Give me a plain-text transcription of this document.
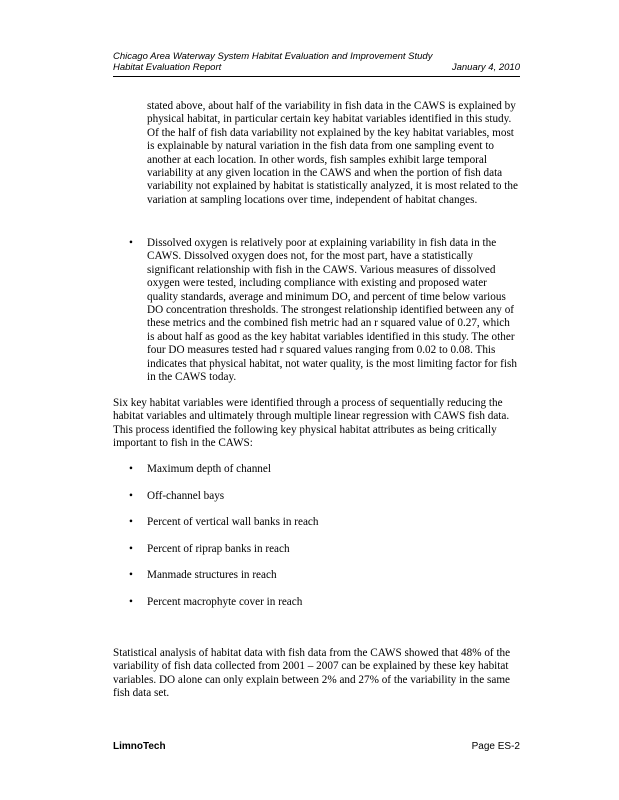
Chicago Area Waterway System Habitat Evaluation and Improvement Study
Habitat Evaluation Report	January 4, 2010
stated above, about half of the variability in fish data in the CAWS is explained by physical habitat, in particular certain key habitat variables identified in this study. Of the half of fish data variability not explained by the key habitat variables, most is explainable by natural variation in the fish data from one sampling event to another at each location. In other words, fish samples exhibit large temporal variability at any given location in the CAWS and when the portion of fish data variability not explained by habitat is statistically analyzed, it is most related to the variation at sampling locations over time, independent of habitat changes.
•	Dissolved oxygen is relatively poor at explaining variability in fish data in the CAWS. Dissolved oxygen does not, for the most part, have a statistically significant relationship with fish in the CAWS. Various measures of dissolved oxygen were tested, including compliance with existing and proposed water quality standards, average and minimum DO, and percent of time below various DO concentration thresholds. The strongest relationship identified between any of these metrics and the combined fish metric had an r squared value of 0.27, which is about half as good as the key habitat variables identified in this study. The other four DO measures tested had r squared values ranging from 0.02 to 0.08. This indicates that physical habitat, not water quality, is the most limiting factor for fish in the CAWS today.
Six key habitat variables were identified through a process of sequentially reducing the habitat variables and ultimately through multiple linear regression with CAWS fish data. This process identified the following key physical habitat attributes as being critically important to fish in the CAWS:
•	Maximum depth of channel
•	Off-channel bays
•	Percent of vertical wall banks in reach
•	Percent of riprap banks in reach
•	Manmade structures in reach
•	Percent macrophyte cover in reach
Statistical analysis of habitat data with fish data from the CAWS showed that 48% of the variability of fish data collected from 2001 – 2007 can be explained by these key habitat variables. DO alone can only explain between 2% and 27% of the variability in the same fish data set.
LimnoTech	Page ES-2
